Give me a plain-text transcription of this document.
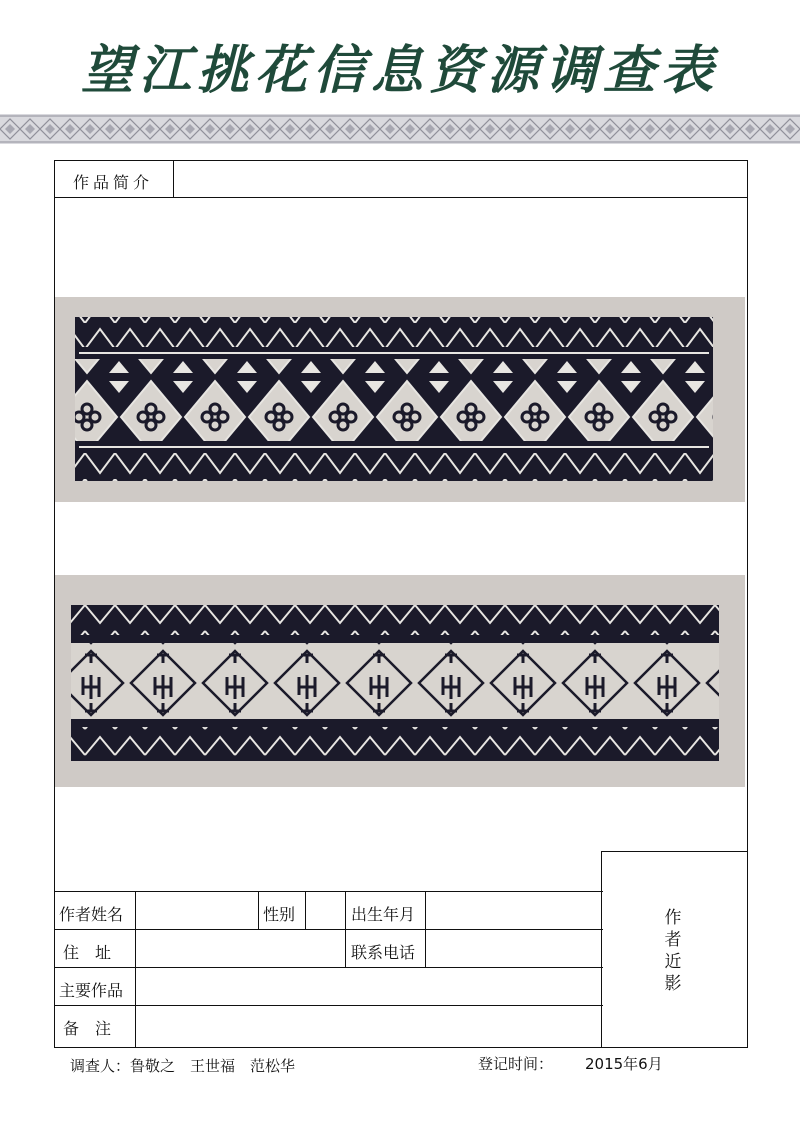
望江挑花信息资源调查表
作品简介
作者姓名	性别	出生年月
住　址	联系电话
主要作品
备　注
作
者
近
影
调查人：鲁敬之　王世福　范松华	登记时间： 2015年6月
